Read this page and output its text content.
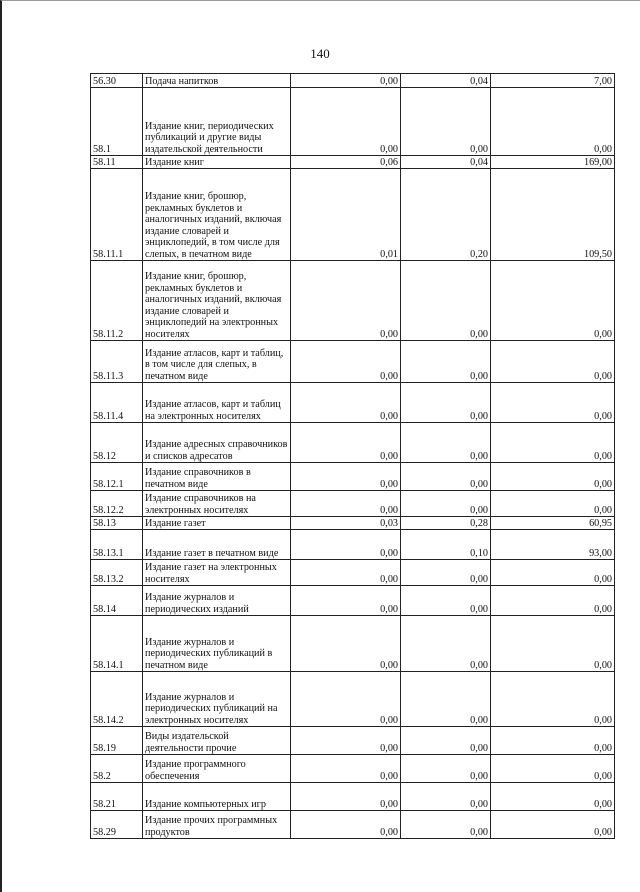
140
56.30	Подача напитков	0,00	0,04	7,00
58.1	Издание книг, периодических публикаций и другие виды издательской деятельности	0,00	0,00	0,00
58.11	Издание книг	0,06	0,04	169,00
58.11.1	Издание книг, брошюр, рекламных буклетов и аналогичных изданий, включая издание словарей и энциклопедий, в том числе для слепых, в печатном виде	0,01	0,20	109,50
58.11.2	Издание книг, брошюр, рекламных буклетов и аналогичных изданий, включая издание словарей и энциклопедий на электронных носителях	0,00	0,00	0,00
58.11.3	Издание атласов, карт и таблиц, в том числе для слепых, в печатном виде	0,00	0,00	0,00
58.11.4	Издание атласов, карт и таблиц на электронных носителях	0,00	0,00	0,00
58.12	Издание адресных справочников и списков адресатов	0,00	0,00	0,00
58.12.1	Издание справочников в печатном виде	0,00	0,00	0,00
58.12.2	Издание справочников на электронных носителях	0,00	0,00	0,00
58.13	Издание газет	0,03	0,28	60,95
58.13.1	Издание газет в печатном виде	0,00	0,10	93,00
58.13.2	Издание газет на электронных носителях	0,00	0,00	0,00
58.14	Издание журналов и периодических изданий	0,00	0,00	0,00
58.14.1	Издание журналов и периодических публикаций в печатном виде	0,00	0,00	0,00
58.14.2	Издание журналов и периодических публикаций на электронных носителях	0,00	0,00	0,00
58.19	Виды издательской деятельности прочие	0,00	0,00	0,00
58.2	Издание программного обеспечения	0,00	0,00	0,00
58.21	Издание компьютерных игр	0,00	0,00	0,00
58.29	Издание прочих программных продуктов	0,00	0,00	0,00
